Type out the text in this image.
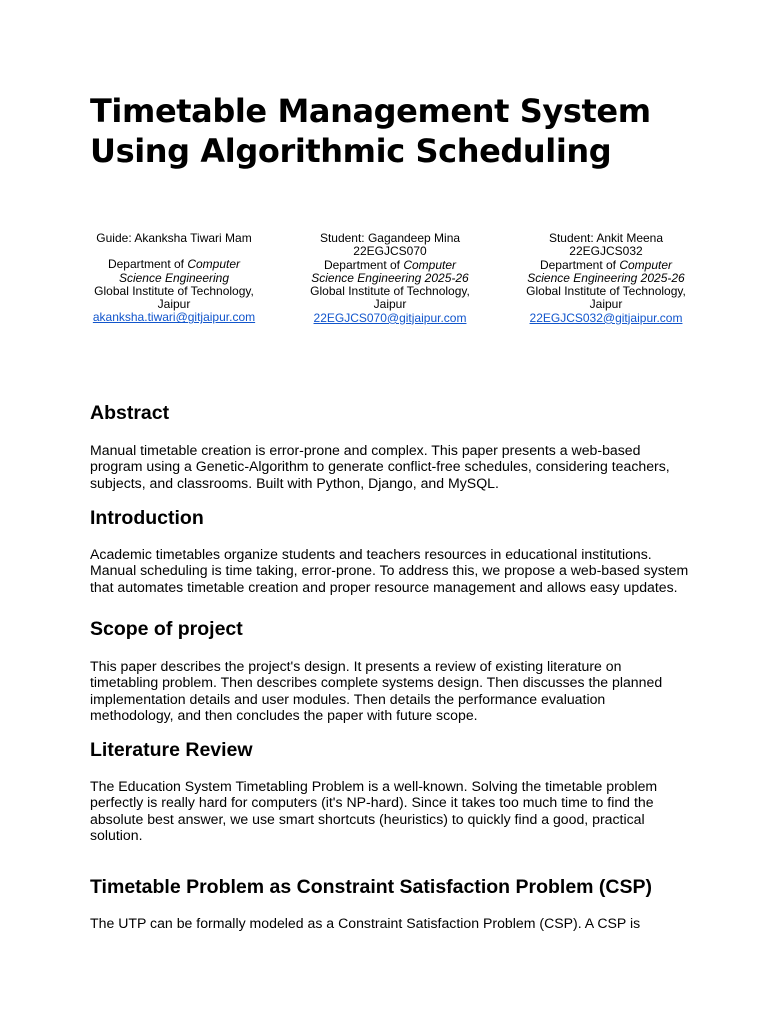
Timetable Management System Using Algorithmic Scheduling
Guide: Akanksha Tiwari Mam
Department of Computer Science Engineering
Global Institute of Technology, Jaipur
akanksha.tiwari@gitjaipur.com
Student: Gagandeep Mina
22EGJCS070
Department of Computer Science Engineering 2025-26
Global Institute of Technology, Jaipur
22EGJCS070@gitjaipur.com
Student: Ankit Meena
22EGJCS032
Department of Computer Science Engineering 2025-26
Global Institute of Technology, Jaipur
22EGJCS032@gitjaipur.com
Abstract

Manual timetable creation is error-prone and complex. This paper presents a web-based program using a Genetic-Algorithm to generate conflict-free schedules, considering teachers, subjects, and classrooms. Built with Python, Django, and MySQL.

Introduction

Academic timetables organize students and teachers resources in educational institutions. Manual scheduling is time taking, error-prone. To address this, we propose a web-based system that automates timetable creation and proper resource management and allows easy updates.

Scope of project

This paper describes the project's design. It presents a review of existing literature on timetabling problem. Then describes complete systems design. Then discusses the planned implementation details and user modules. Then details the performance evaluation methodology, and then concludes the paper with future scope.

Literature Review

The Education System Timetabling Problem is a well-known. Solving the timetable problem perfectly is really hard for computers (it's NP-hard). Since it takes too much time to find the absolute best answer, we use smart shortcuts (heuristics) to quickly find a good, practical solution.

Timetable Problem as Constraint Satisfaction Problem (CSP)

The UTP can be formally modeled as a Constraint Satisfaction Problem (CSP). A CSP is
